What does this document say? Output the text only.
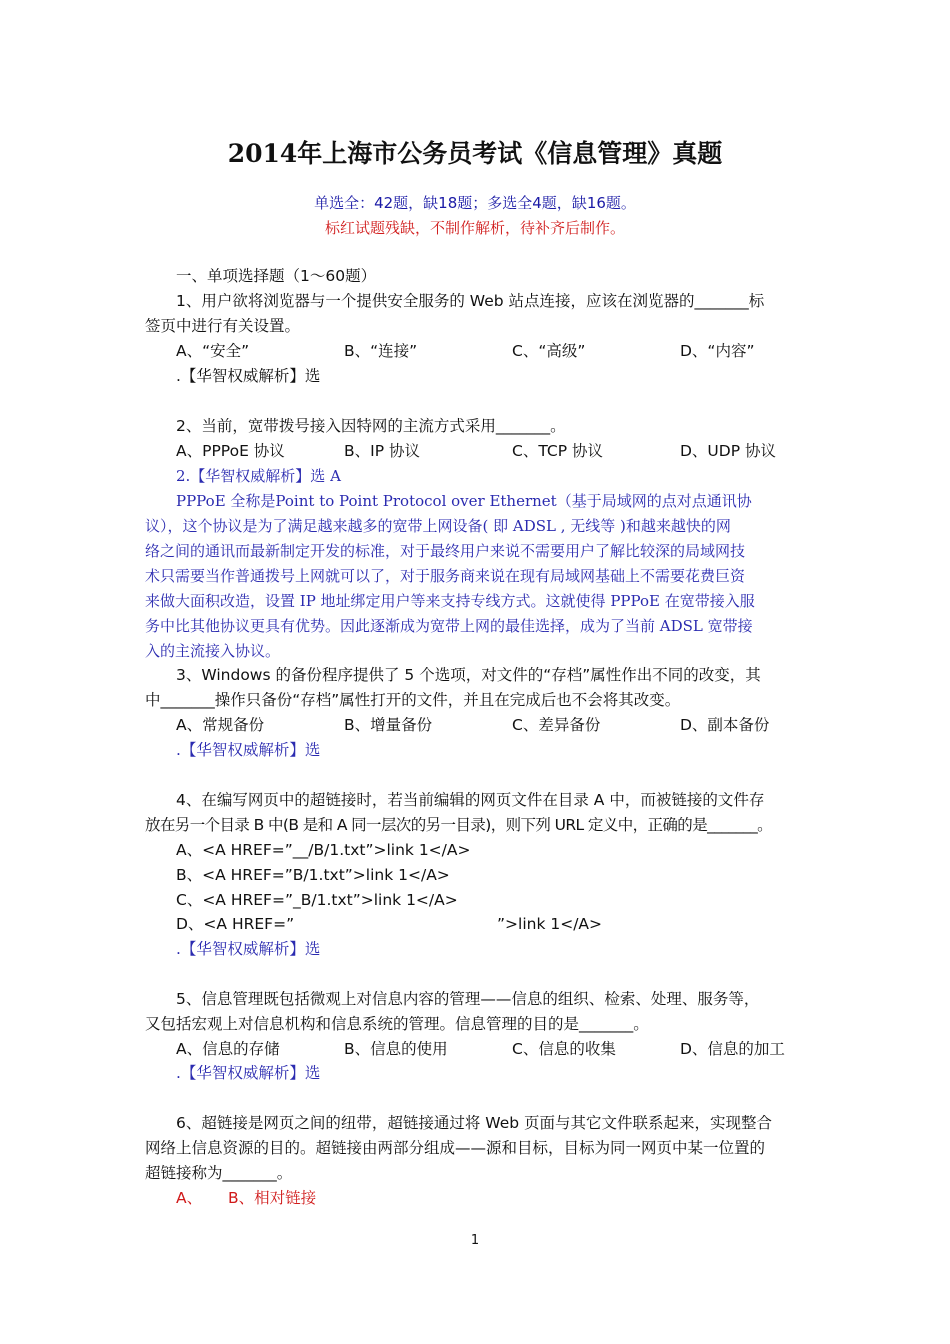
2014年上海市公务员考试《信息管理》真题
单选全：42题，缺18题；多选全4题，缺16题。
标红试题残缺，不制作解析，待补齐后制作。
一、单项选择题（1～60题）
1、用户欲将浏览器与一个提供安全服务的 Web 站点连接，应该在浏览器的_______标
签页中进行有关设置。
A、“安全”	B、“连接”	C、“高级”	D、“内容”
.【华智权威解析】选
2、当前，宽带拨号接入因特网的主流方式采用_______。
A、PPPoE 协议	B、IP 协议	C、TCP 协议	D、UDP 协议
2.【华智权威解析】选 A
PPPoE 全称是Point to Point Protocol over Ethernet（基于局域网的点对点通讯协
议），这个协议是为了满足越来越多的宽带上网设备( 即 ADSL , 无线等 )和越来越快的网
络之间的通讯而最新制定开发的标准，对于最终用户来说不需要用户了解比较深的局域网技
术只需要当作普通拨号上网就可以了，对于服务商来说在现有局域网基础上不需要花费巨资
来做大面积改造，设置 IP 地址绑定用户等来支持专线方式。这就使得 PPPoE 在宽带接入服
务中比其他协议更具有优势。因此逐渐成为宽带上网的最佳选择，成为了当前 ADSL 宽带接
入的主流接入协议。
3、Windows 的备份程序提供了 5 个选项，对文件的“存档”属性作出不同的改变，其
中_______操作只备份“存档”属性打开的文件，并且在完成后也不会将其改变。
A、常规备份	B、增量备份	C、差异备份	D、副本备份
.【华智权威解析】选
4、在编写网页中的超链接时，若当前编辑的网页文件在目录 A 中，而被链接的文件存
放在另一个目录 B 中(B 是和 A 同一层次的另一目录)，则下列 URL 定义中，正确的是_______。
A、<A HREF=”__/B/1.txt”>link 1</A>
B、<A HREF=”B/1.txt”>link 1</A>
C、<A HREF=”_B/1.txt”>link 1</A>
D、<A HREF=”	”>link 1</A>
.【华智权威解析】选
5、信息管理既包括微观上对信息内容的管理——信息的组织、检索、处理、服务等，
又包括宏观上对信息机构和信息系统的管理。信息管理的目的是_______。
A、信息的存储	B、信息的使用	C、信息的收集	D、信息的加工
.【华智权威解析】选
6、超链接是网页之间的纽带，超链接通过将 Web 页面与其它文件联系起来，实现整合
网络上信息资源的目的。超链接由两部分组成——源和目标，目标为同一网页中某一位置的
超链接称为_______。
A、 B、相对链接
1
